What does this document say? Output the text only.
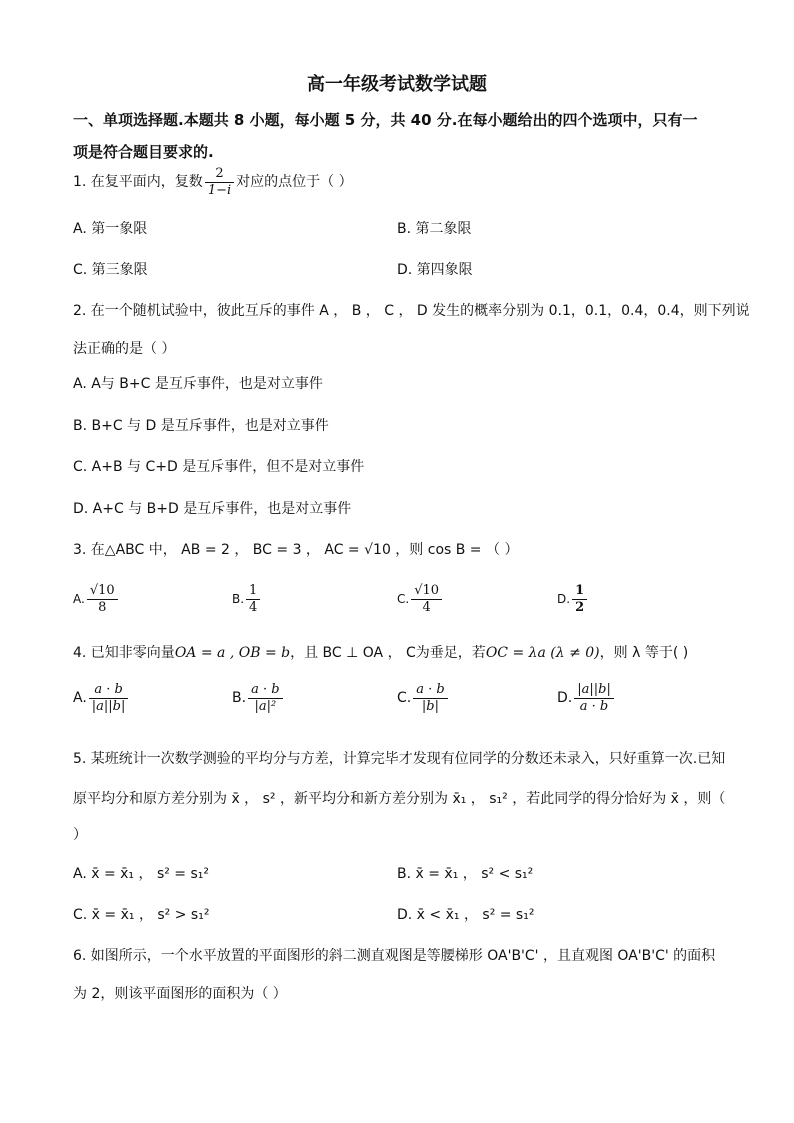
高一年级考试数学试题
一、单项选择题.本题共 8 小题，每小题 5 分，共 40 分.在每小题给出的四个选项中，只有一
项是符合题目要求的.
1. 在复平面内，复数 $\frac{2}{1-i}$ 对应的点位于（ ）
A. 第一象限	B. 第二象限
C. 第三象限	D. 第四象限
2. 在一个随机试验中，彼此互斥的事件 A ， B ， C ， D 发生的概率分别为 0.1，0.1，0.4，0.4，则下列说
法正确的是（ ）
A. A与 B+C 是互斥事件，也是对立事件
B. B+C 与 D 是互斥事件，也是对立事件
C. A+B 与 C+D 是互斥事件，但不是对立事件
D. A+C 与 B+D 是互斥事件，也是对立事件
3. 在△ABC 中， AB = 2 ， BC = 3 ， AC = √10 ，则 cos B = （ ）
A. $\frac{√10}{8}$	B. $\frac{1}{4}$	C. $\frac{√10}{4}$	D. $\frac{1}{2}$
4. 已知非零向量OA = a , OB = b，且 BC ⊥ OA ， C为垂足，若OC = λa (λ ≠ 0)，则 λ 等于( )
A. $\frac{a \cdot b}{|a||b|}$	B. $\frac{a \cdot b}{\text{|a|²}}$	C. $\frac{a \cdot b}{|b|}$	D. $\frac{|a||b|}{a \cdot b}$
5. 某班统计一次数学测验的平均分与方差，计算完毕才发现有位同学的分数还未录入，只好重算一次.已知
原平均分和原方差分别为 x̄ ， s² ，新平均分和新方差分别为 x̄₁ ， s₁² ，若此同学的得分恰好为 x̄ ，则（
）
A. x̄ = x̄₁ ， s² = s₁²	B. x̄ = x̄₁ ， s² < s₁²
C. x̄ = x̄₁ ， s² > s₁²	D. x̄ < x̄₁ ， s² = s₁²
6. 如图所示，一个水平放置的平面图形的斜二测直观图是等腰梯形 OA'B'C' ，且直观图 OA'B'C' 的面积
为 2，则该平面图形的面积为（ ）
